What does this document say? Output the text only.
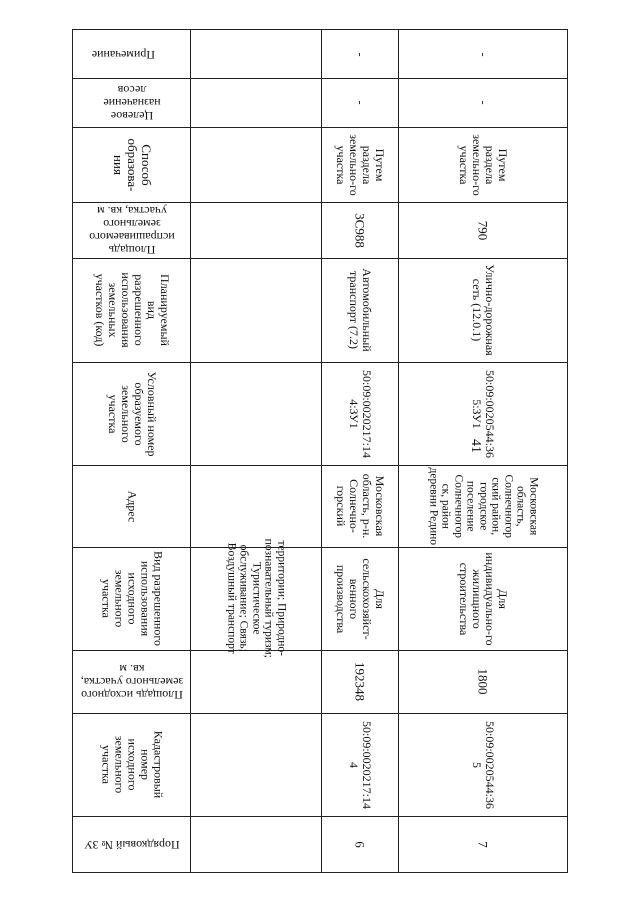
41
Примечание
Целевое назначение лесов
Способ образова-ния
Площадь испрашиваемого земельного участка, кв. м
Планируемый вид разрешенного использования земельных участков (код)
Условный номер образуемого земельного участка
Адрес
Вид разрешенного использования исходного земельного участка
Площадь исходного земельного участка, кв. м
Кадастровый номер исходного земельного участка
Порядковый № ЗУ
территории; Природно-познавательный туризм; Туристическое обслуживание; Связь; Воздушный транспорт
-
-
Путем раздела земельно-го участка
3С988
Автомобильный транспорт (7.2)
50:09:0020217:144:ЗУ1
Московская область, р-н. Солнечно-горский
Для сельскохозяйст-венного производства
192348
50:09:0020217:144
6
-
-
Путем раздела земельно-го участка
790
Улично-дорожная сеть (12.0.1)
50:09:0020544:365:ЗУ1
Московская область, Солнечногор ский район, городское поселение Солнечногор ск, район деревни Редино
Для индивидуально-го жилищного строительства
1800
50:09:0020544:365
7
